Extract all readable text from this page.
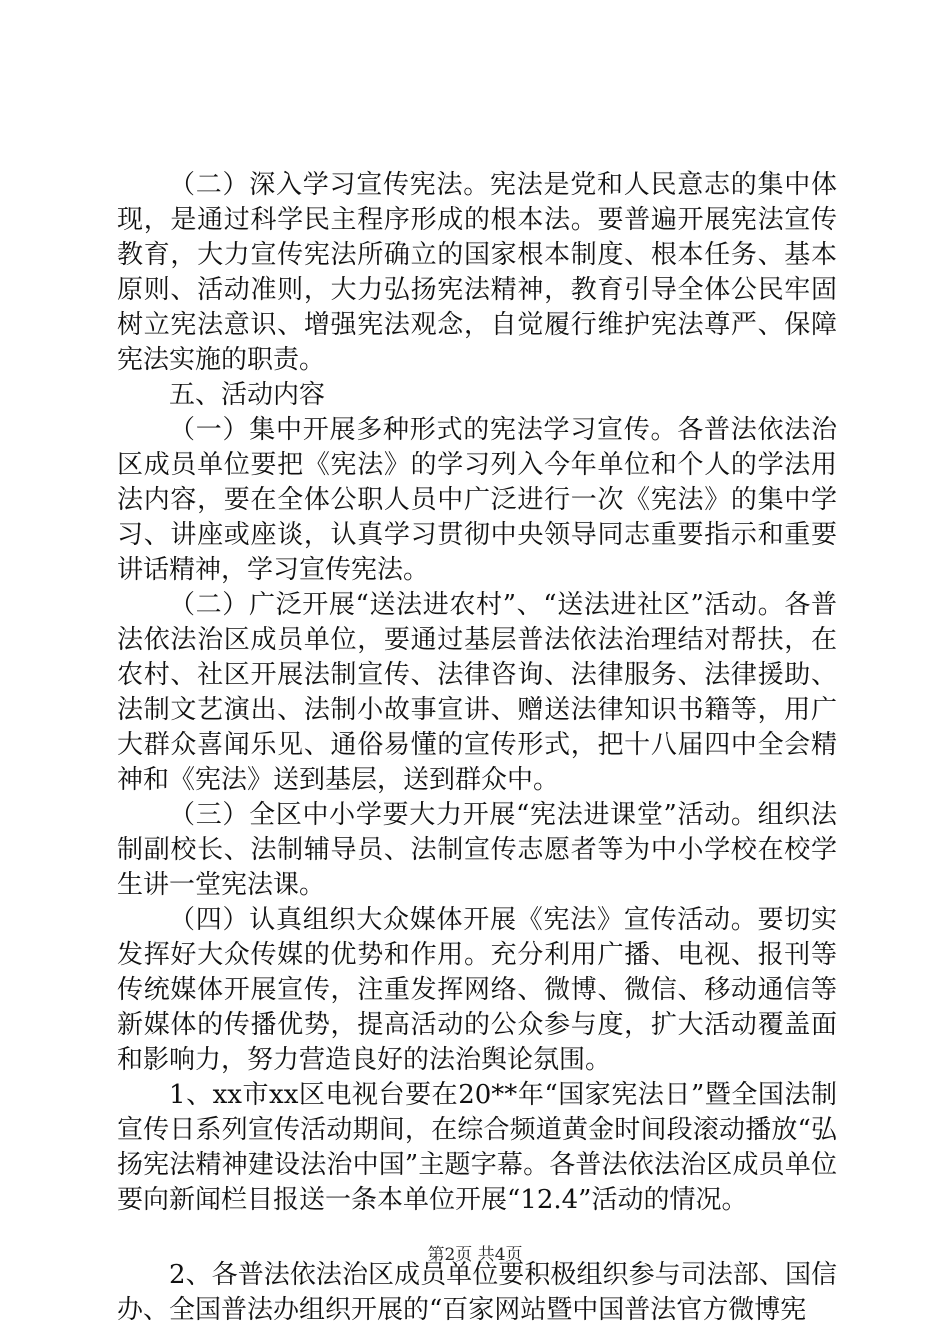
（二）深入学习宣传宪法。宪法是党和人民意志的集中体现，是通过科学民主程序形成的根本法。要普遍开展宪法宣传教育，大力宣传宪法所确立的国家根本制度、根本任务、基本原则、活动准则，大力弘扬宪法精神，教育引导全体公民牢固树立宪法意识、增强宪法观念，自觉履行维护宪法尊严、保障宪法实施的职责。

五、活动内容

（一）集中开展多种形式的宪法学习宣传。各普法依法治区成员单位要把《宪法》的学习列入今年单位和个人的学法用法内容，要在全体公职人员中广泛进行一次《宪法》的集中学习、讲座或座谈，认真学习贯彻中央领导同志重要指示和重要讲话精神，学习宣传宪法。

（二）广泛开展“送法进农村”、“送法进社区”活动。各普法依法治区成员单位，要通过基层普法依法治理结对帮扶，在农村、社区开展法制宣传、法律咨询、法律服务、法律援助、法制文艺演出、法制小故事宣讲、赠送法律知识书籍等，用广大群众喜闻乐见、通俗易懂的宣传形式，把十八届四中全会精神和《宪法》送到基层，送到群众中。

（三）全区中小学要大力开展“宪法进课堂”活动。组织法制副校长、法制辅导员、法制宣传志愿者等为中小学校在校学生讲一堂宪法课。

（四）认真组织大众媒体开展《宪法》宣传活动。要切实发挥好大众传媒的优势和作用。充分利用广播、电视、报刊等传统媒体开展宣传，注重发挥网络、微博、微信、移动通信等新媒体的传播优势，提高活动的公众参与度，扩大活动覆盖面和影响力，努力营造良好的法治舆论氛围。

1、xx市xx区电视台要在20**年“国家宪法日”暨全国法制宣传日系列宣传活动期间，在综合频道黄金时间段滚动播放“弘扬宪法精神建设法治中国”主题字幕。各普法依法治区成员单位要向新闻栏目报送一条本单位开展“12.4”活动的情况。

2、各普法依法治区成员单位要积极组织参与司法部、国信办、全国普法办组织开展的“百家网站暨中国普法官方微博宪

第2页 共4页
